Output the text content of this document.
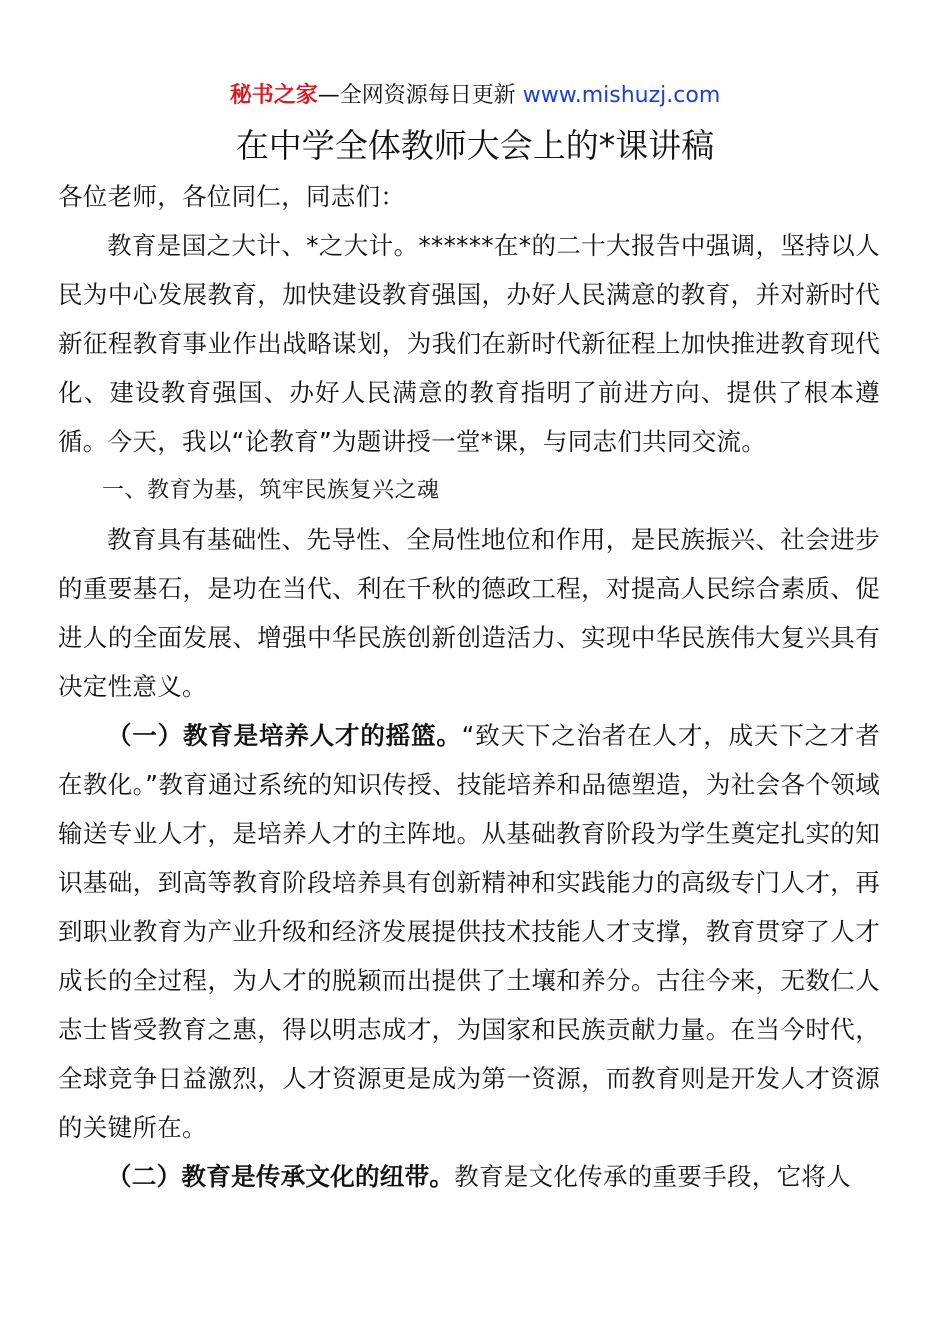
秘书之家—全网资源每日更新 www.mishuzj.com
在中学全体教师大会上的*课讲稿

各位老师，各位同仁，同志们：

教育是国之大计、*之大计。******在*的二十大报告中强调，坚持以人民为中心发展教育，加快建设教育强国，办好人民满意的教育，并对新时代新征程教育事业作出战略谋划，为我们在新时代新征程上加快推进教育现代化、建设教育强国、办好人民满意的教育指明了前进方向、提供了根本遵循。今天，我以“论教育”为题讲授一堂*课，与同志们共同交流。

一、教育为基，筑牢民族复兴之魂

教育具有基础性、先导性、全局性地位和作用，是民族振兴、社会进步的重要基石，是功在当代、利在千秋的德政工程，对提高人民综合素质、促进人的全面发展、增强中华民族创新创造活力、实现中华民族伟大复兴具有决定性意义。

（一）教育是培养人才的摇篮。“致天下之治者在人才，成天下之才者在教化。”教育通过系统的知识传授、技能培养和品德塑造，为社会各个领域输送专业人才，是培养人才的主阵地。从基础教育阶段为学生奠定扎实的知识基础，到高等教育阶段培养具有创新精神和实践能力的高级专门人才，再到职业教育为产业升级和经济发展提供技术技能人才支撑，教育贯穿了人才成长的全过程，为人才的脱颖而出提供了土壤和养分。古往今来，无数仁人志士皆受教育之惠，得以明志成才，为国家和民族贡献力量。在当今时代，全球竞争日益激烈，人才资源更是成为第一资源，而教育则是开发人才资源的关键所在。

（二）教育是传承文化的纽带。教育是文化传承的重要手段，它将人
